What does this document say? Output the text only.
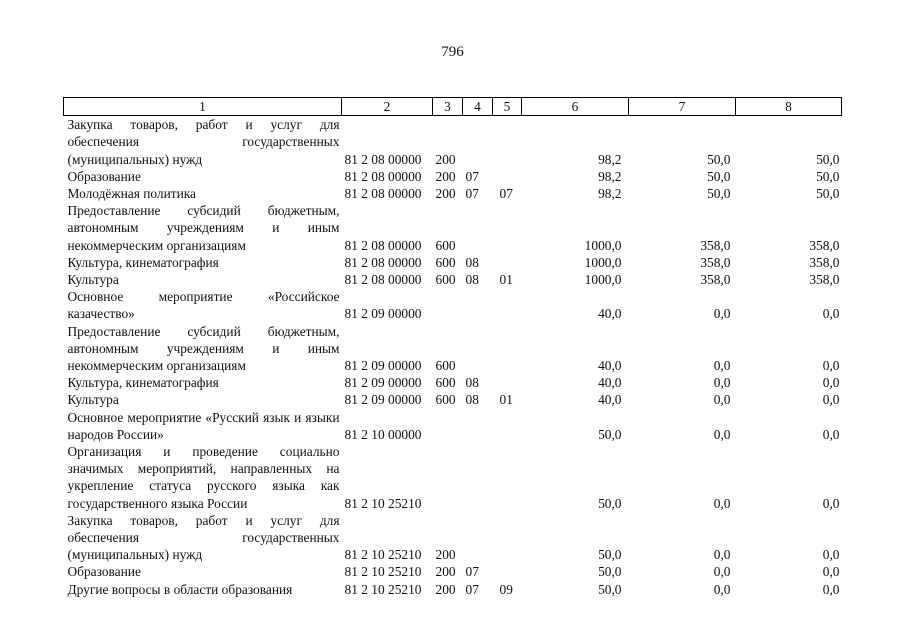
796
1	2	3	4	5	6	7	8
Закупка товаров, работ и услуг для обеспечения государственных (муниципальных) нужд	81 2 08 00000	200			98,2	50,0	50,0
Образование	81 2 08 00000	200	07		98,2	50,0	50,0
Молодёжная политика	81 2 08 00000	200	07	07	98,2	50,0	50,0
Предоставление субсидий бюджетным, автономным учреждениям и иным некоммерческим организациям	81 2 08 00000	600			1000,0	358,0	358,0
Культура, кинематография	81 2 08 00000	600	08		1000,0	358,0	358,0
Культура	81 2 08 00000	600	08	01	1000,0	358,0	358,0
Основное мероприятие «Российское казачество»	81 2 09 00000				40,0	0,0	0,0
Предоставление субсидий бюджетным, автономным учреждениям и иным некоммерческим организациям	81 2 09 00000	600			40,0	0,0	0,0
Культура, кинематография	81 2 09 00000	600	08		40,0	0,0	0,0
Культура	81 2 09 00000	600	08	01	40,0	0,0	0,0
Основное мероприятие «Русский язык и языки народов России»	81 2 10 00000				50,0	0,0	0,0
Организация и проведение социально значимых мероприятий, направленных на укрепление статуса русского языка как государственного языка России	81 2 10 25210				50,0	0,0	0,0
Закупка товаров, работ и услуг для обеспечения государственных (муниципальных) нужд	81 2 10 25210	200			50,0	0,0	0,0
Образование	81 2 10 25210	200	07		50,0	0,0	0,0
Другие вопросы в области образования	81 2 10 25210	200	07	09	50,0	0,0	0,0
